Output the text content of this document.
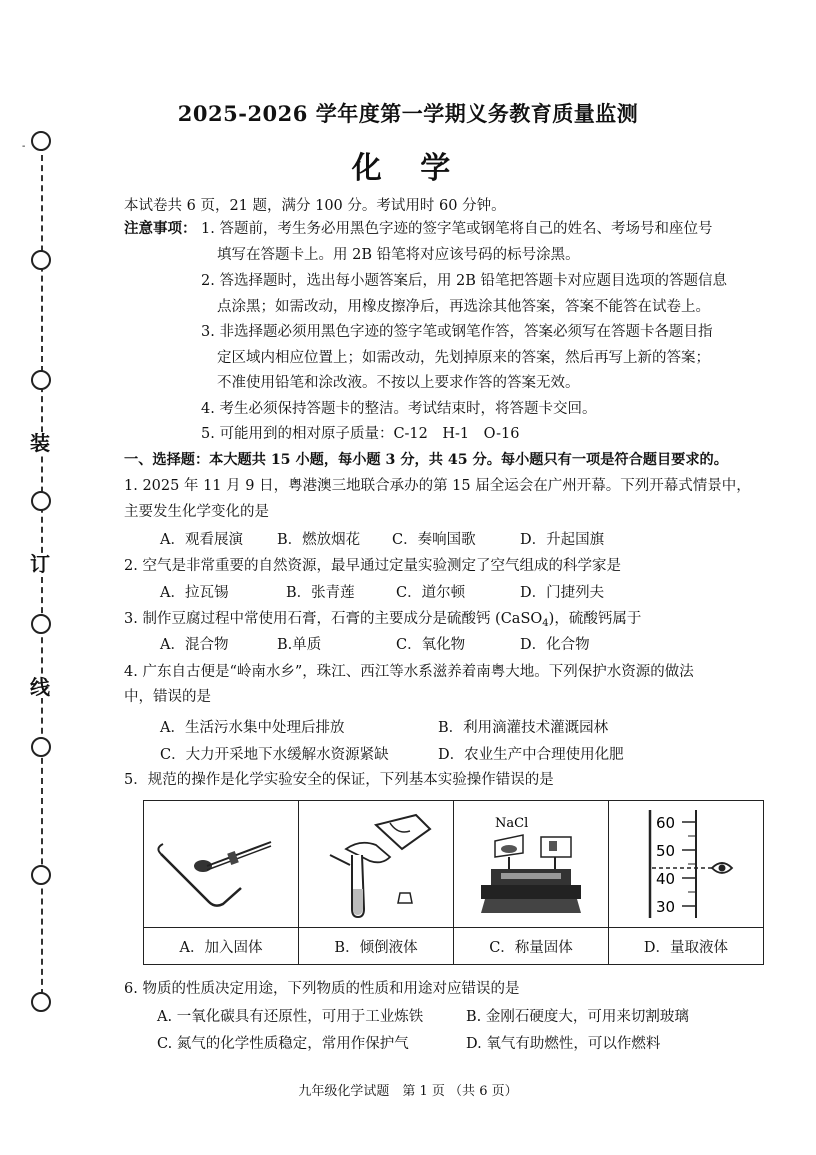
-
装
订
线
2025-2026 学年度第一学期义务教育质量监测
化 学
本试卷共 6 页，21 题，满分 100 分。考试用时 60 分钟。
注意事项： 1. 答题前，考生务必用黑色字迹的签字笔或钢笔将自己的姓名、考场号和座位号
填写在答题卡上。用 2B 铅笔将对应该号码的标号涂黑。
2. 答选择题时，选出每小题答案后，用 2B 铅笔把答题卡对应题目选项的答题信息
点涂黑；如需改动，用橡皮擦净后，再选涂其他答案，答案不能答在试卷上。
3. 非选择题必须用黑色字迹的签字笔或钢笔作答，答案必须写在答题卡各题目指
定区域内相应位置上；如需改动，先划掉原来的答案，然后再写上新的答案；
不准使用铅笔和涂改液。不按以上要求作答的答案无效。
4. 考生必须保持答题卡的整洁。考试结束时，将答题卡交回。
5. 可能用到的相对原子质量：C-12　H-1　O-16
一、选择题：本大题共 15 小题，每小题 3 分，共 45 分。每小题只有一项是符合题目要求的。
1. 2025 年 11 月 9 日，粤港澳三地联合承办的第 15 届全运会在广州开幕。下列开幕式情景中，
主要发生化学变化的是
A．观看展演 B．燃放烟花 C．奏响国歌	D．升起国旗
2. 空气是非常重要的自然资源，最早通过定量实验测定了空气组成的科学家是
A．拉瓦锡	B．张青莲	C．道尔顿	D．门捷列夫
3. 制作豆腐过程中常使用石膏，石膏的主要成分是硫酸钙 (CaSO$_4$)，硫酸钙属于
A．混合物	B.单质	C．氧化物	D．化合物
4. 广东自古便是“岭南水乡”，珠江、西江等水系滋养着南粤大地。下列保护水资源的做法
中，错误的是
A．生活污水集中处理后排放	B．利用滴灌技术灌溉园林
C．大力开采地下水缓解水资源紧缺	D．农业生产中合理使用化肥
5．规范的操作是化学实验安全的保证，下列基本实验操作错误的是

NaCl	60
50
40
30

A．加入固体	B．倾倒液体	C．称量固体	D．量取液体
6. 物质的性质决定用途，下列物质的性质和用途对应错误的是
A. 一氧化碳具有还原性，可用于工业炼铁	B. 金刚石硬度大，可用来切割玻璃
C. 氮气的化学性质稳定，常用作保护气	D. 氧气有助燃性，可以作燃料
九年级化学试题　第 1 页 （共 6 页）
